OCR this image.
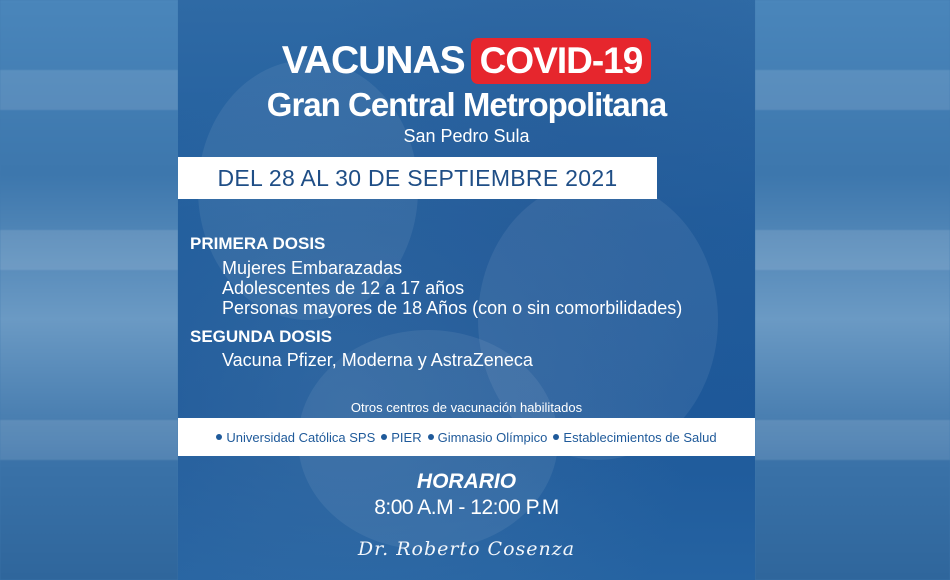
VACUNAS COVID-19
Gran Central Metropolitana
San Pedro Sula
DEL 28 AL 30 DE SEPTIEMBRE 2021
PRIMERA DOSIS
Mujeres Embarazadas
Adolescentes de 12 a 17 años
Personas mayores de 18 Años (con o sin comorbilidades)
SEGUNDA DOSIS
Vacuna Pfizer, Moderna y AstraZeneca
Otros centros de vacunación habilitados
Universidad Católica SPS PIER Gimnasio Olímpico Establecimientos de Salud
HORARIO
8:00 A.M - 12:00 P.M
Dr. Roberto Cosenza
